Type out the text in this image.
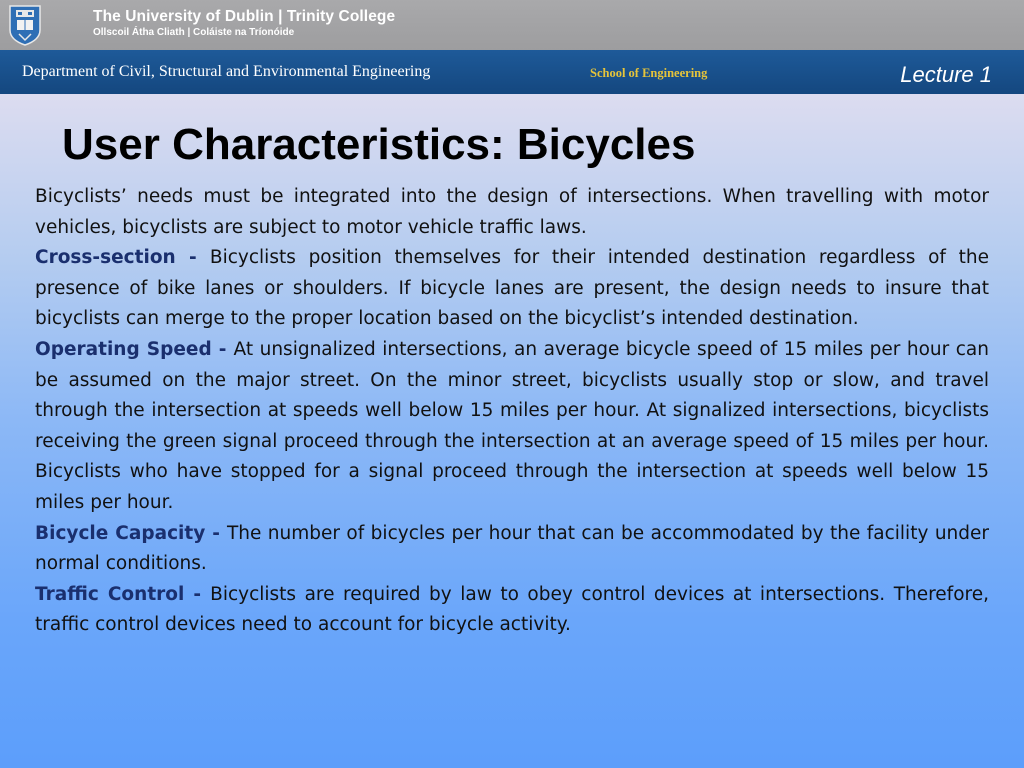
The University of Dublin | Trinity College
Ollscoil Átha Cliath | Coláiste na Tríonóide
Department of Civil, Structural and Environmental Engineering	School of Engineering	Lecture 1
User Characteristics: Bicycles

Bicyclists’ needs must be integrated into the design of intersections. When travelling with motor vehicles, bicyclists are subject to motor vehicle traffic laws.

Cross-section - Bicyclists position themselves for their intended destination regardless of the presence of bike lanes or shoulders. If bicycle lanes are present, the design needs to insure that bicyclists can merge to the proper location based on the bicyclist’s intended destination.

Operating Speed - At unsignalized intersections, an average bicycle speed of 15 miles per hour can be assumed on the major street. On the minor street, bicyclists usually stop or slow, and travel through the intersection at speeds well below 15 miles per hour. At signalized intersections, bicyclists receiving the green signal proceed through the intersection at an average speed of 15 miles per hour. Bicyclists who have stopped for a signal proceed through the intersection at speeds well below 15 miles per hour.

Bicycle Capacity - The number of bicycles per hour that can be accommodated by the facility under normal conditions.

Traffic Control - Bicyclists are required by law to obey control devices at intersections. Therefore, traffic control devices need to account for bicycle activity.
